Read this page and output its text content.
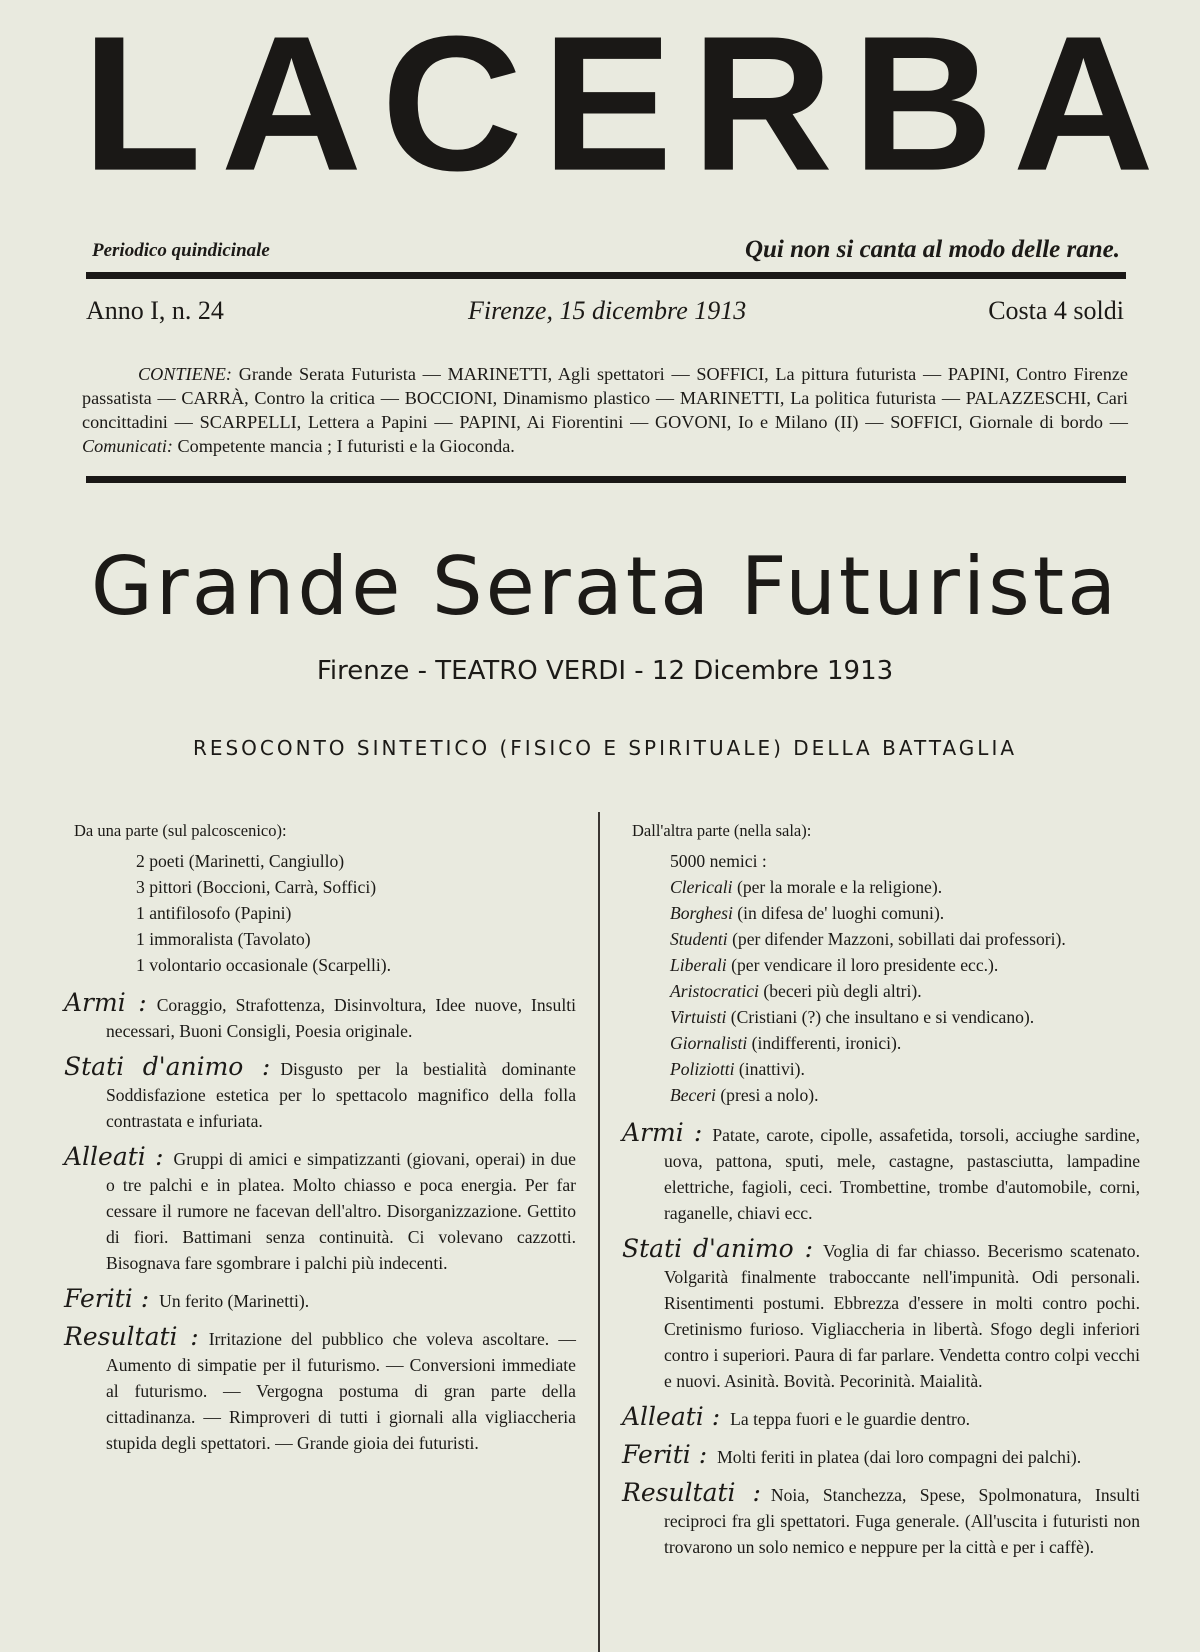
LACERBA
Periodico quindicinale	Qui non si canta al modo delle rane.
Anno I, n. 24	Firenze, 15 dicembre 1913	Costa 4 soldi

CONTIENE: Grande Serata Futurista — MARINETTI, Agli spettatori — SOFFICI, La pittura futurista — PAPINI, Contro Firenze passatista — CARRÀ, Contro la critica — BOCCIONI, Dinamismo plastico — MARINETTI, La politica futurista — PALAZZESCHI, Cari concittadini — SCARPELLI, Lettera a Papini — PAPINI, Ai Fiorentini — GOVONI, Io e Milano (II) — SOFFICI, Giornale di bordo — Comunicati: Competente mancia ; I futuristi e la Gioconda.

Grande Serata Futurista
Firenze - TEATRO VERDI - 12 Dicembre 1913
RESOCONTO SINTETICO (FISICO E SPIRITUALE) DELLA BATTAGLIA

Da una parte (sul palcoscenico):

2 poeti (Marinetti, Cangiullo)
3 pittori (Boccioni, Carrà, Soffici)
1 antifilosofo (Papini)
1 immoralista (Tavolato)
1 volontario occasionale (Scarpelli).

Armi : Coraggio, Strafottenza, Disinvoltura, Idee nuove, Insulti necessari, Buoni Consigli, Poesia originale.

Stati d'animo : Disgusto per la bestialità dominante Soddisfazione estetica per lo spettacolo magnifico della folla contrastata e infuriata.

Alleati : Gruppi di amici e simpatizzanti (giovani, operai) in due o tre palchi e in platea. Molto chiasso e poca energia. Per far cessare il rumore ne facevan dell'altro. Disorganizzazione. Gettito di fiori. Battimani senza continuità. Ci volevano cazzotti. Bisognava fare sgombrare i palchi più indecenti.

Feriti : Un ferito (Marinetti).

Resultati : Irritazione del pubblico che voleva ascoltare. — Aumento di simpatie per il futurismo. — Conversioni immediate al futurismo. — Vergogna postuma di gran parte della cittadinanza. — Rimproveri di tutti i giornali alla vigliaccheria stupida degli spettatori. — Grande gioia dei futuristi.

Dall'altra parte (nella sala):

5000 nemici :
Clericali (per la morale e la religione).
Borghesi (in difesa de' luoghi comuni).
Studenti (per difender Mazzoni, sobillati dai professori).
Liberali (per vendicare il loro presidente ecc.).
Aristocratici (beceri più degli altri).
Virtuisti (Cristiani (?) che insultano e si vendicano).
Giornalisti (indifferenti, ironici).
Poliziotti (inattivi).
Beceri (presi a nolo).

Armi : Patate, carote, cipolle, assafetida, torsoli, acciughe sardine, uova, pattona, sputi, mele, castagne, pastasciutta, lampadine elettriche, fagioli, ceci. Trombettine, trombe d'automobile, corni, raganelle, chiavi ecc.

Stati d'animo : Voglia di far chiasso. Becerismo scatenato. Volgarità finalmente traboccante nell'impunità. Odi personali. Risentimenti postumi. Ebbrezza d'essere in molti contro pochi. Cretinismo furioso. Vigliaccheria in libertà. Sfogo degli inferiori contro i superiori. Paura di far parlare. Vendetta contro colpi vecchi e nuovi. Asinità. Bovità. Pecorinità. Maialità.

Alleati : La teppa fuori e le guardie dentro.

Feriti : Molti feriti in platea (dai loro compagni dei palchi).

Resultati : Noia, Stanchezza, Spese, Spolmonatura, Insulti reciproci fra gli spettatori. Fuga generale. (All'uscita i futuristi non trovarono un solo nemico e neppure per la città e per i caffè).
